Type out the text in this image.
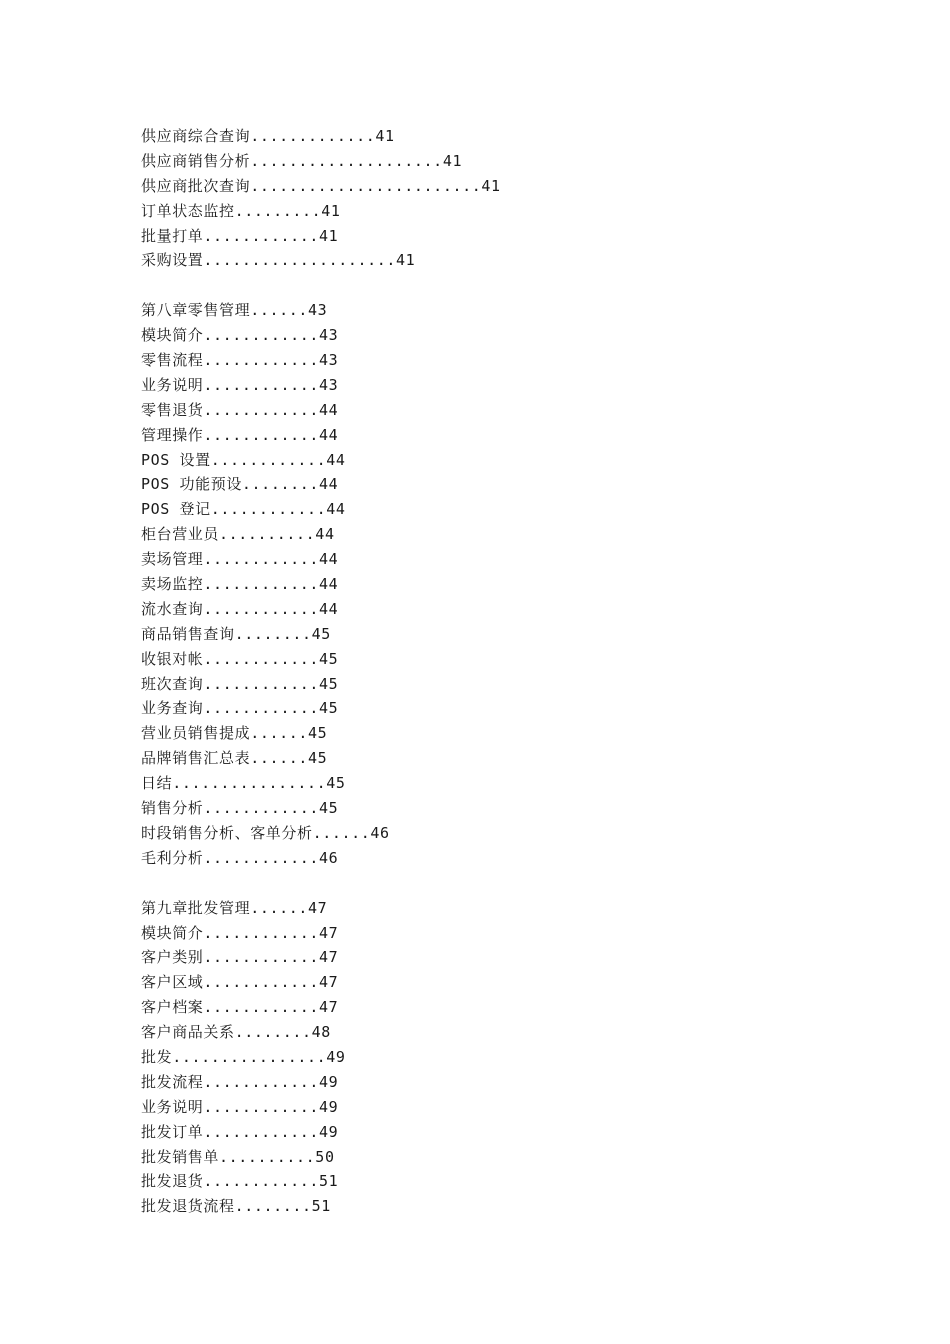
供应商综合查询.............41
供应商销售分析....................41
供应商批次查询........................41
订单状态监控.........41
批量打单............41
采购设置....................41
第八章零售管理......43
模块简介............43
零售流程............43
业务说明............43
零售退货............44
管理操作............44
POS 设置............44
POS 功能预设........44
POS 登记............44
柜台营业员..........44
卖场管理............44
卖场监控............44
流水查询............44
商品销售查询........45
收银对帐............45
班次查询............45
业务查询............45
营业员销售提成......45
品牌销售汇总表......45
日结................45
销售分析............45
时段销售分析、客单分析......46
毛利分析............46
第九章批发管理......47
模块简介............47
客户类别............47
客户区域............47
客户档案............47
客户商品关系........48
批发................49
批发流程............49
业务说明............49
批发订单............49
批发销售单..........50
批发退货............51
批发退货流程........51
